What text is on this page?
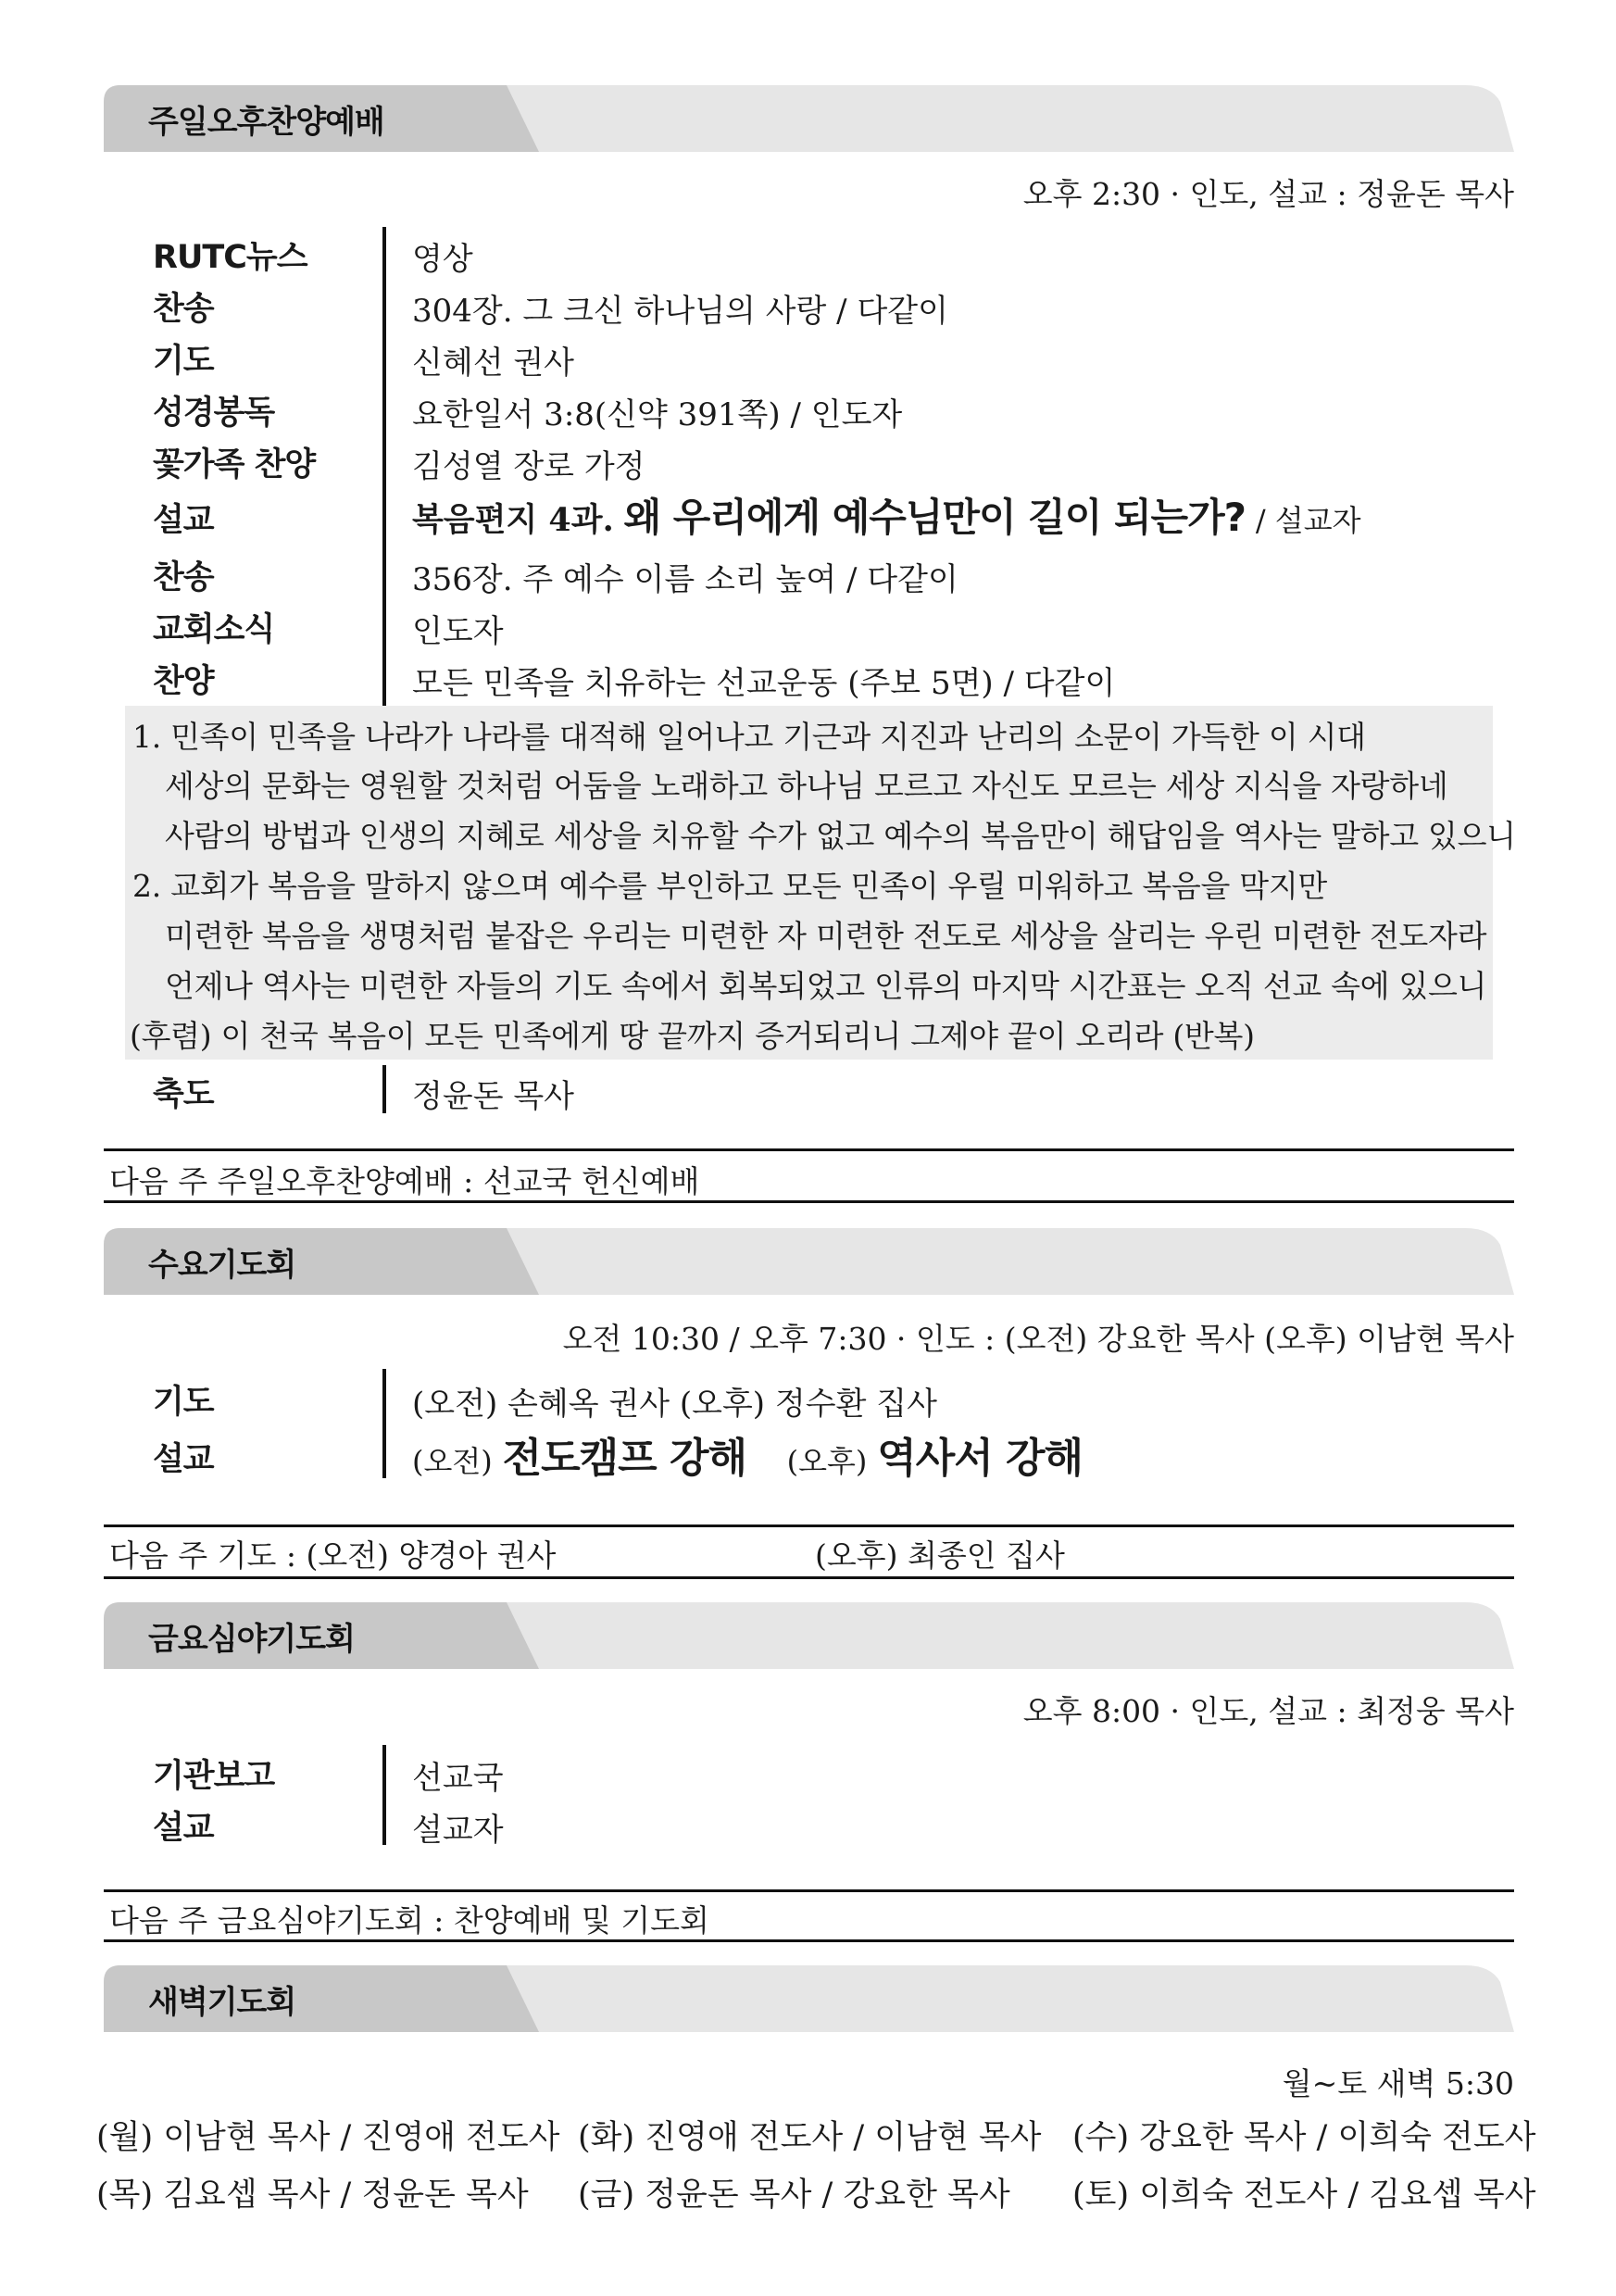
주일오후찬양예배
오후 2:30 · 인도, 설교 : 정윤돈 목사
RUTC뉴스	영상
찬송	304장. 그 크신 하나님의 사랑 / 다같이
기도	신혜선 권사
성경봉독	요한일서 3:8(신약 391쪽) / 인도자
꽃가족 찬양	김성열 장로 가정
설교	복음편지 4과. 왜 우리에게 예수님만이 길이 되는가? / 설교자
찬송	356장. 주 예수 이름 소리 높여 / 다같이
교회소식	인도자
찬양	모든 민족을 치유하는 선교운동 (주보 5면) / 다같이
1. 민족이 민족을 나라가 나라를 대적해 일어나고 기근과 지진과 난리의 소문이 가득한 이 시대
세상의 문화는 영원할 것처럼 어둠을 노래하고 하나님 모르고 자신도 모르는 세상 지식을 자랑하네
사람의 방법과 인생의 지혜로 세상을 치유할 수가 없고 예수의 복음만이 해답임을 역사는 말하고 있으니
2. 교회가 복음을 말하지 않으며 예수를 부인하고 모든 민족이 우릴 미워하고 복음을 막지만
미련한 복음을 생명처럼 붙잡은 우리는 미련한 자 미련한 전도로 세상을 살리는 우린 미련한 전도자라
언제나 역사는 미련한 자들의 기도 속에서 회복되었고 인류의 마지막 시간표는 오직 선교 속에 있으니
(후렴) 이 천국 복음이 모든 민족에게 땅 끝까지 증거되리니 그제야 끝이 오리라 (반복)
축도	정윤돈 목사
다음 주 주일오후찬양예배 : 선교국 헌신예배
수요기도회
오전 10:30 / 오후 7:30 · 인도 : (오전) 강요한 목사 (오후) 이남현 목사
기도	(오전) 손혜옥 권사 (오후) 정수환 집사
설교	(오전) 전도캠프 강해 (오후) 역사서 강해
다음 주 기도 : (오전) 양경아 권사	(오후) 최종인 집사
금요심야기도회
오후 8:00 · 인도, 설교 : 최정웅 목사
기관보고	선교국
설교	설교자
다음 주 금요심야기도회 : 찬양예배 및 기도회
새벽기도회
월~토 새벽 5:30
(월) 이남현 목사 / 진영애 전도사 (화) 진영애 전도사 / 이남현 목사 (수) 강요한 목사 / 이희숙 전도사
(목) 김요셉 목사 / 정윤돈 목사 (금) 정윤돈 목사 / 강요한 목사 (토) 이희숙 전도사 / 김요셉 목사
